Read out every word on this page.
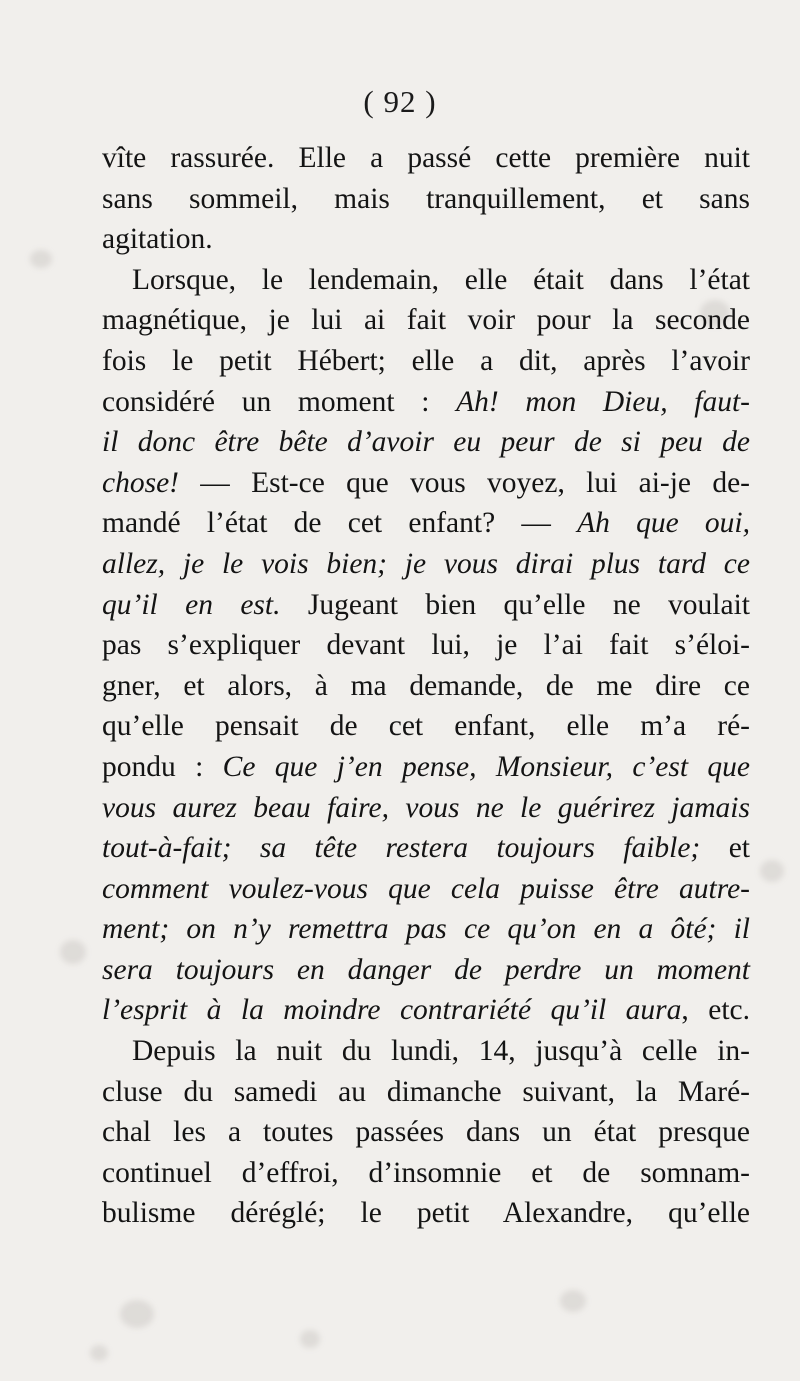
( 92 )
vîte rassurée. Elle a passé cette première nuit
sans sommeil, mais tranquillement, et sans
agitation.
Lorsque, le lendemain, elle était dans l’état
magnétique, je lui ai fait voir pour la seconde
fois le petit Hébert; elle a dit, après l’avoir
considéré un moment : Ah! mon Dieu, faut-
il donc être bête d’avoir eu peur de si peu de
chose! — Est-ce que vous voyez, lui ai-je de-
mandé l’état de cet enfant? — Ah que oui,
allez, je le vois bien; je vous dirai plus tard ce
qu’il en est. Jugeant bien qu’elle ne voulait
pas s’expliquer devant lui, je l’ai fait s’éloi-
gner, et alors, à ma demande, de me dire ce
qu’elle pensait de cet enfant, elle m’a ré-
pondu : Ce que j’en pense, Monsieur, c’est que
vous aurez beau faire, vous ne le guérirez jamais
tout-à-fait; sa tête restera toujours faible; et
comment voulez-vous que cela puisse être autre-
ment; on n’y remettra pas ce qu’on en a ôté; il
sera toujours en danger de perdre un moment
l’esprit à la moindre contrariété qu’il aura, etc.
Depuis la nuit du lundi, 14, jusqu’à celle in-
cluse du samedi au dimanche suivant, la Maré-
chal les a toutes passées dans un état presque
continuel d’effroi, d’insomnie et de somnam-
bulisme déréglé; le petit Alexandre, qu’elle
